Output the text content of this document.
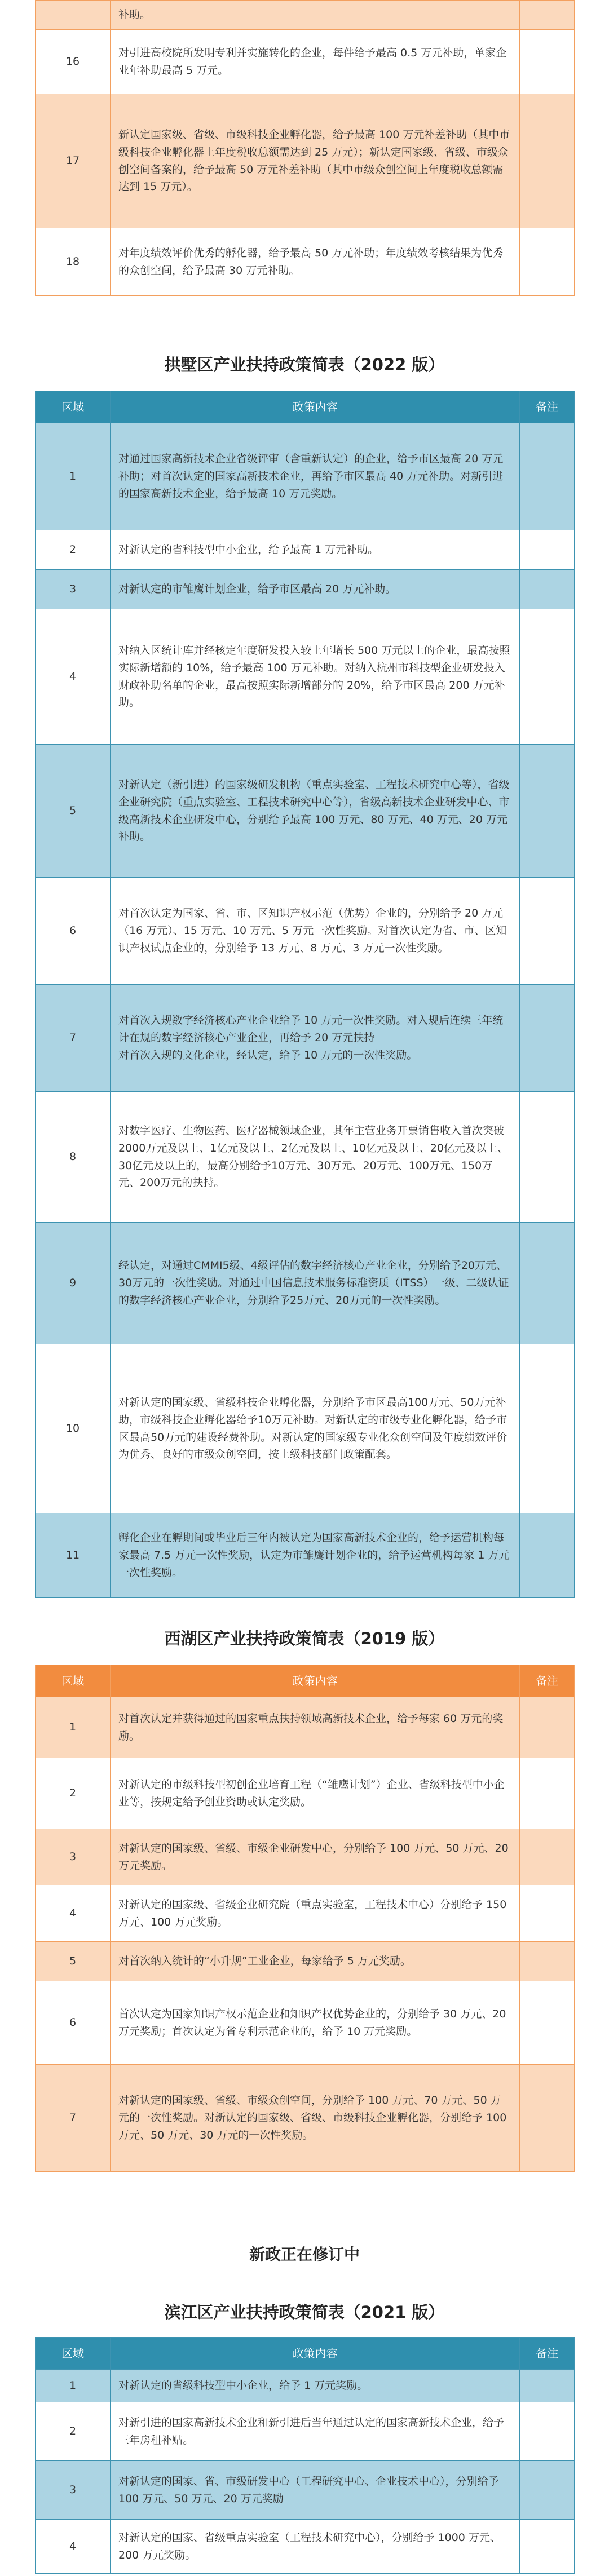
	补助。	
16	对引进高校院所发明专利并实施转化的企业，每件给予最高 0.5 万元补助，单家企业年补助最高 5 万元。	
17	新认定国家级、省级、市级科技企业孵化器，给予最高 100 万元补差补助（其中市级科技企业孵化器上年度税收总额需达到 25 万元）；新认定国家级、省级、市级众创空间备案的，给予最高 50 万元补差补助（其中市级众创空间上年度税收总额需达到 15 万元）。	
18	对年度绩效评价优秀的孵化器，给予最高 50 万元补助；年度绩效考核结果为优秀的众创空间，给予最高 30 万元补助。	
拱墅区产业扶持政策简表（2022 版）
区域	政策内容	备注
1	对通过国家高新技术企业省级评审（含重新认定）的企业，给予市区最高 20 万元补助；对首次认定的国家高新技术企业，再给予市区最高 40 万元补助。对新引进的国家高新技术企业，给予最高 10 万元奖励。	
2	对新认定的省科技型中小企业，给予最高 1 万元补助。	
3	对新认定的市雏鹰计划企业，给予市区最高 20 万元补助。	
4	对纳入区统计库并经核定年度研发投入较上年增长 500 万元以上的企业，最高按照实际新增额的 10%，给予最高 100 万元补助。对纳入杭州市科技型企业研发投入财政补助名单的企业，最高按照实际新增部分的 20%，给予市区最高 200 万元补助。	
5	对新认定（新引进）的国家级研发机构（重点实验室、工程技术研究中心等），省级企业研究院（重点实验室、工程技术研究中心等），省级高新技术企业研发中心、市级高新技术企业研发中心，分别给予最高 100 万元、80 万元、40 万元、20 万元补助。	
6	对首次认定为国家、省、市、区知识产权示范（优势）企业的，分别给予 20 万元（16 万元）、15 万元、10 万元、5 万元一次性奖励。对首次认定为省、市、区知识产权试点企业的，分别给予 13 万元、8 万元、3 万元一次性奖励。	
7	对首次入规数字经济核心产业企业给予 10 万元一次性奖励。对入规后连续三年统计在规的数字经济核心产业企业，再给予 20 万元扶持
对首次入规的文化企业，经认定，给予 10 万元的一次性奖励。	
8	对数字医疗、生物医药、医疗器械领域企业，其年主营业务开票销售收入首次突破2000万元及以上、1亿元及以上、2亿元及以上、10亿元及以上、20亿元及以上、30亿元及以上的，最高分别给予10万元、30万元、20万元、100万元、150万元、200万元的扶持。	
9	经认定，对通过CMMI5级、4级评估的数字经济核心产业企业，分别给予20万元、30万元的一次性奖励。对通过中国信息技术服务标准资质（ITSS）一级、二级认证的数字经济核心产业企业，分别给予25万元、20万元的一次性奖励。	
10	对新认定的国家级、省级科技企业孵化器，分别给予市区最高100万元、50万元补助，市级科技企业孵化器给予10万元补助。对新认定的市级专业化孵化器，给予市区最高50万元的建设经费补助。对新认定的国家级专业化众创空间及年度绩效评价为优秀、良好的市级众创空间，按上级科技部门政策配套。	
11	孵化企业在孵期间或毕业后三年内被认定为国家高新技术企业的，给予运营机构每家最高 7.5 万元一次性奖励，认定为市雏鹰计划企业的，给予运营机构每家 1 万元一次性奖励。	
西湖区产业扶持政策简表（2019 版）
区域	政策内容	备注
1	对首次认定并获得通过的国家重点扶持领域高新技术企业，给予每家 60 万元的奖励。	
2	对新认定的市级科技型初创企业培育工程（“雏鹰计划”）企业、省级科技型中小企业等，按规定给予创业资助或认定奖励。	
3	对新认定的国家级、省级、市级企业研发中心，分别给予 100 万元、50 万元、20 万元奖励。	
4	对新认定的国家级、省级企业研究院（重点实验室，工程技术中心）分别给予 150 万元、100 万元奖励。	
5	对首次纳入统计的“小升规”工业企业，每家给予 5 万元奖励。	
6	首次认定为国家知识产权示范企业和知识产权优势企业的，分别给予 30 万元、20 万元奖励；首次认定为省专利示范企业的，给予 10 万元奖励。	
7	对新认定的国家级、省级、市级众创空间，分别给予 100 万元、70 万元、50 万元的一次性奖励。对新认定的国家级、省级、市级科技企业孵化器，分别给予 100 万元、50 万元、30 万元的一次性奖励。	
新政正在修订中
滨江区产业扶持政策简表（2021 版）
区域	政策内容	备注
1	对新认定的省级科技型中小企业，给予 1 万元奖励。	
2	对新引进的国家高新技术企业和新引进后当年通过认定的国家高新技术企业，给予三年房租补贴。	
3	对新认定的国家、省、市级研发中心（工程研究中心、企业技术中心），分别给予 100 万元、50 万元、20 万元奖励	
4	对新认定的国家、省级重点实验室（工程技术研究中心），分别给予 1000 万元、200 万元奖励。	
